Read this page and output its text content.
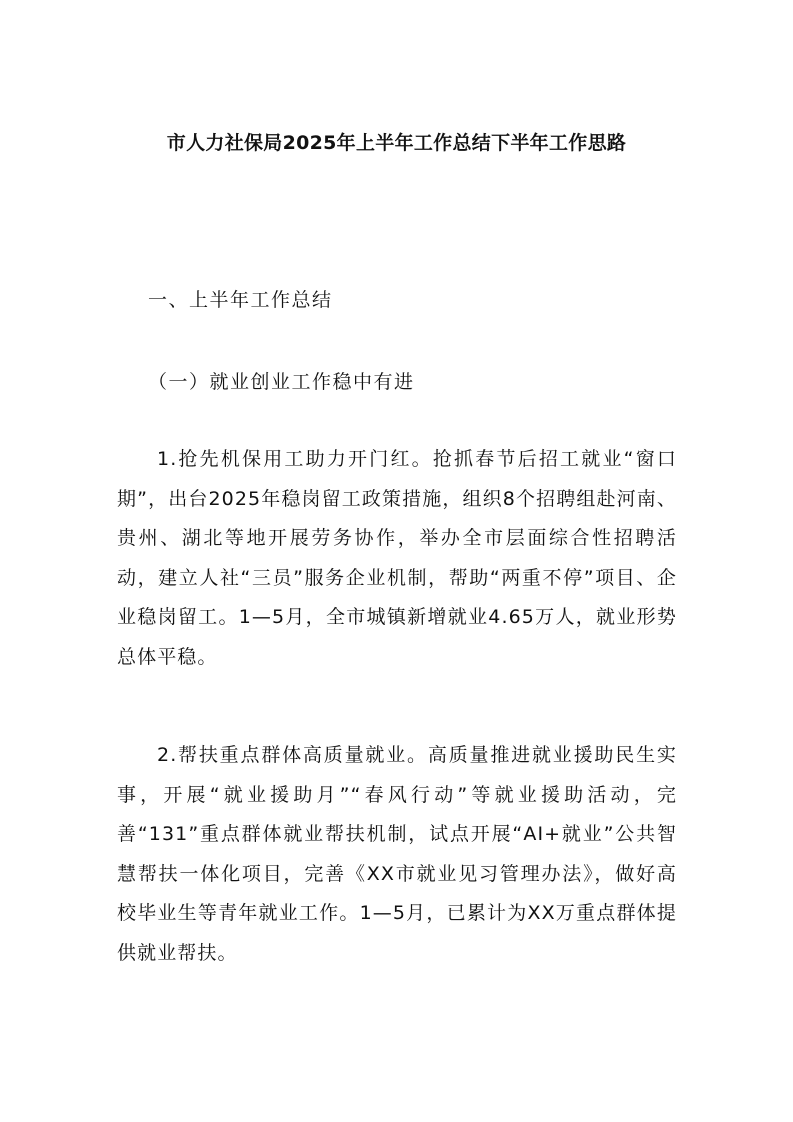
市人力社保局2025年上半年工作总结下半年工作思路
一、上半年工作总结
（一）就业创业工作稳中有进
1.抢先机保用工助力开门红。抢抓春节后招工就业“窗口期”，出台2025年稳岗留工政策措施，组织8个招聘组赴河南、贵州、湖北等地开展劳务协作，举办全市层面综合性招聘活动，建立人社“三员”服务企业机制，帮助“两重不停”项目、企业稳岗留工。1—5月，全市城镇新增就业4.65万人，就业形势总体平稳。
2.帮扶重点群体高质量就业。高质量推进就业援助民生实事，开展“就业援助月”“春风行动”等就业援助活动，完善“131”重点群体就业帮扶机制，试点开展“AI+就业”公共智慧帮扶一体化项目，完善《XX市就业见习管理办法》，做好高校毕业生等青年就业工作。1—5月，已累计为XX万重点群体提供就业帮扶。
